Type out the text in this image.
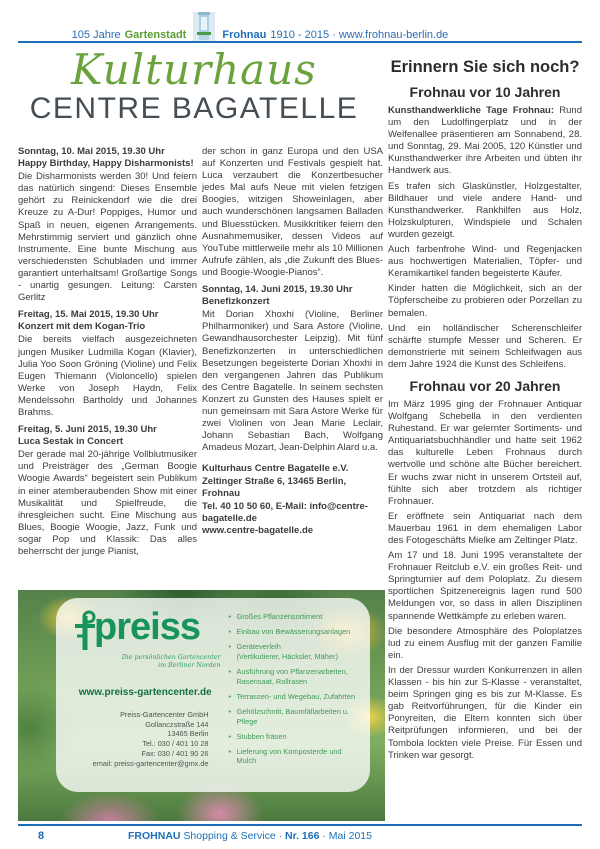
105 Jahre Gartenstadt	Frohnau 1910 - 2015 · www.frohnau-berlin.de
Kulturhaus
CENTRE BAGATELLE
Sonntag, 10. Mai 2015, 19.30 Uhr
Happy Birthday, Happy Disharmonists!

Die Disharmonists werden 30! Und feiern das natürlich singend: Dieses Ensemble gehört zu Reinickendorf wie die drei Kreuze zu A-Dur! Poppiges, Humor und Spaß in neuen, eigenen Arrangements. Mehrstimmig serviert und gänzlich ohne Instrumente. Eine bunte Mischung aus verschiedensten Schubladen und immer garantiert unterhaltsam! Großartige Songs - unartig gesungen. Leitung: Carsten Gerlitz

Freitag, 15. Mai 2015, 19.30 Uhr
Konzert mit dem Kogan-Trio

Die bereits vielfach ausgezeichneten jungen Musiker Ludmilla Kogan (Klavier), Julia Yoo Soon Gröning (Violine) und Felix Eugen Thiemann (Violoncello) spielen Werke von Joseph Haydn, Felix Mendelssohn Bartholdy und Johannes Brahms.

Freitag, 5. Juni 2015, 19.30 Uhr
Luca Sestak in Concert

Der gerade mal 20-jährige Vollblutmusiker und Preisträger des „German Boogie Woogie Awards“ begeistert sein Publikum in einer atemberaubenden Show mit einer Musikalität und Spielfreude, die ihresgleichen sucht. Eine Mischung aus Blues, Boogie Woogie, Jazz, Funk und sogar Pop und Klassik: Das alles beherrscht der junge Pianist,

der schon in ganz Europa und den USA auf Konzerten und Festivals gespielt hat. Luca verzaubert die Konzertbesucher jedes Mal aufs Neue mit vielen fetzigen Boogies, witzigen Showeinlagen, aber auch wunderschönen langsamen Balladen und Bluesstücken. Musikkritiker feiern den Ausnahmemusiker, dessen Videos auf YouTube mittlerweile mehr als 10 Millionen Aufrufe zählen, als „die Zukunft des Blues- und Boogie-Woogie-Pianos“.

Sonntag, 14. Juni 2015, 19.30 Uhr
Benefizkonzert

Mit Dorian Xhoxhi (Violine, Berliner Philharmoniker) und Sara Astore (Violine, Gewandhausorchester Leipzig). Mit fünf Benefizkonzerten in unterschiedlichen Besetzungen begeisterte Dorian Xhoxhi in den vergangenen Jahren das Publikum des Centre Bagatelle. In seinem sechsten Konzert zu Gunsten des Hauses spielt er nun gemeinsam mit Sara Astore Werke für zwei Violinen von Jean Marie Leclair, Johann Sebastian Bach, Wolfgang Amadeus Mozart, Jean-Delphin Alard u.a.

Kulturhaus Centre Bagatelle e.V.
Zeltinger Straße 6, 13465 Berlin, Frohnau
Tel. 40 10 50 60, E-Mail: info@centre-bagatelle.de
www.centre-bagatelle.de
Erinnern Sie sich noch?
Frohnau vor 10 Jahren

Kunsthandwerkliche Tage Frohnau: Rund um den Ludolfingerplatz und in der Welfenallee präsentieren am Sonnabend, 28. und Sonntag, 29. Mai 2005, 120 Künstler und Kunsthandwerker ihre Arbeiten und übten ihr Handwerk aus.

Es trafen sich Glaskünstler, Holzgestalter, Bildhauer und viele andere Hand- und Kunsthandwerker. Rankhilfen aus Holz, Holzskulpturen, Windspiele und Schalen wurden gezeigt.

Auch farbenfrohe Wind- und Regenjacken aus hochwertigen Materialien, Töpfer- und Keramikartikel fanden begeisterte Käufer.

Kinder hatten die Möglichkeit, sich an der Töpferscheibe zu probieren oder Porzellan zu bemalen.

Und ein holländischer Scherenschleifer schärfte stumpfe Messer und Scheren. Er demonstrierte mit seinem Schleifwagen aus dem Jahre 1924 die Kunst des Schleifens.

Frohnau vor 20 Jahren

Im März 1995 ging der Frohnauer Antiquar Wolfgang Schebella in den verdienten Ruhestand. Er war gelernter Sortiments- und Antiquariatsbuchhändler und hatte seit 1962 das kulturelle Leben Frohnaus durch wertvolle und schöne alte Bücher bereichert. Er wuchs zwar nicht in unserem Ortsteil auf, fühlte sich aber trotzdem als richtiger Frohnauer.

Er eröffnete sein Antiquariat nach dem Mauerbau 1961 in dem ehemaligen Labor des Fotogeschäfts Mielke am Zeltinger Platz.

Am 17 und 18. Juni 1995 veranstaltete der Frohnauer Reitclub e.V. ein großes Reit- und Springturnier auf dem Poloplatz. Zu diesem sportlichen Spitzenereignis lagen rund 500 Meldungen vor, so dass in allen Disziplinen spannende Wettkämpfe zu erleben waren.

Die besondere Atmosphäre des Poloplatzes lud zu einem Ausflug mit der ganzen Familie ein.

In der Dressur wurden Konkurrenzen in allen Klassen - bis hin zur S-Klasse - veranstaltet, beim Springen ging es bis zur M-Klasse. Es gab Reitvorführungen, für die Kinder ein Ponyreiten, die Eltern konnten sich über Reitprüfungen informieren, und bei der Tombola lockten viele Preise. Für Essen und Trinken war gesorgt.

preiss
Die persönlichen Gartencenter
im Berliner Norden
www.preiss-gartencenter.de
Preiss-Gartencenter GmbH
Gollanczstraße 144
13465 Berlin
Tel.: 030 / 401 10 28
Fax: 030 / 401 90 26
email: preiss-gartencenter@gmx.de
• Großes Pflanzensortiment
• Einbau von Bewässerungsanlagen
• Geräteverleih
(Vertikutierer, Häcksler, Mäher)
• Ausführung von Pflanzenarbeiten,
Rasensaat, Rollrasen
• Terrassen- und Wegebau, Zufahrten
• Gehölzschnitt, Baumfällarbeiten u. Pflege
• Stubben fräsen
• Lieferung von Komposterde und Mulch
8	FROHNAU Shopping & Service · Nr. 166 · Mai 2015
